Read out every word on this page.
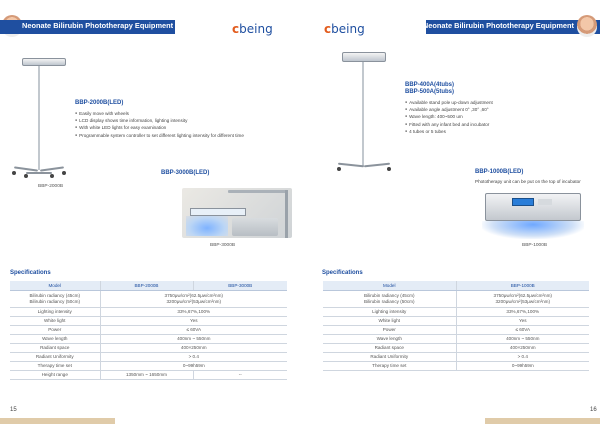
Neonate Bilirubin Phototherapy Equipment	cbeing
BBP-2000B
BBP-2000B(LED)
● Easily move with wheels
● LCD display shows time information, lighting intensity
● With white LED lights for easy examination
● Programmable system controller to set different lighting intensity for different time
BBP-3000B(LED)
BBP-3000B
Specifications
Model	BBP-2000B	BBP-3000B
Bilirubin radiancy (45cm)
Bilirubin radiancy (50cm)	3750μw/cm²(62.5μw/cm²nm)
3200μw/cm²(53μw/cm²nm)	
Lighting intensity	33%,67%,100%	
White light	Yes	
Power	≤ 60VA	
Wave length	400nm ~ 550nm	
Radiant space	400×250mm	
Radiant Uniformity	> 0.4	
Therapy time set	0~99h59m	
Height range	1350mm ~ 1650mm	--
15
cbeing	Neonate Bilirubin Phototherapy Equipment
BBP-400A(4tubs)
BBP-500A(5tubs)
● Available stand pole up-down adjustment
● Available angle adjustment 0° ,30° ,60°
● Wave length: 400~500 um
● Fitted with any infant bed and incubator
● 4 tubes or 5 tubes
BBP-1000B(LED)
Phototherapy unit can be put on the top of incubator
BBP-1000B
Specifications
Model	BBP-1000B
Bilirubin radiancy (45cm)
Bilirubin radiancy (50cm)	3750μw/cm²(62.5μw/cm²nm)
3200μw/cm²(53μw/cm²nm)
Lighting intensity	33%,67%,100%
White light	Yes
Power	≤ 60VA
Wave length	400nm ~ 550nm
Radiant space	400×250mm
Radiant Uniformity	> 0.4
Therapy time set	0~99h59m
16
